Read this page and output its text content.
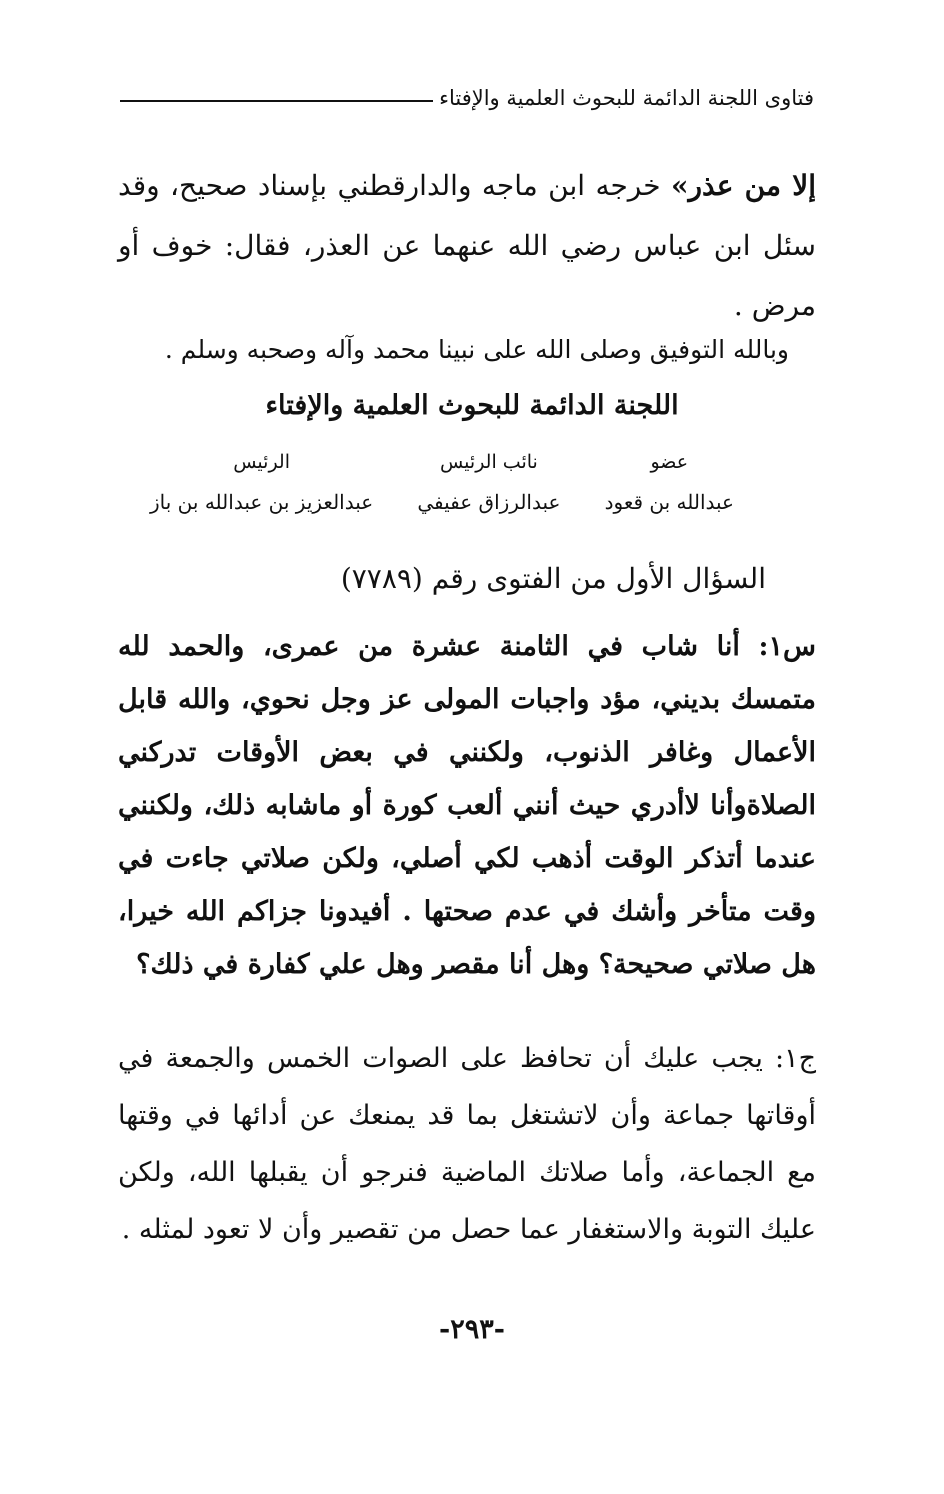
فتاوى اللجنة الدائمة للبحوث العلمية والإفتاء

إلا من عذر» خرجه ابن ماجه والدارقطني بإسناد صحيح، وقد سئل ابن عباس رضي الله عنهما عن العذر، فقال: خوف أو مرض .

وبالله التوفيق وصلى الله على نبينا محمد وآله وصحبه وسلم .

اللجنة الدائمة للبحوث العلمية والإفتاء
عضو
عبدالله بن قعود
نائب الرئيس
عبدالرزاق عفيفي
الرئيس
عبدالعزيز بن عبدالله بن باز
السؤال الأول من الفتوى رقم (٧٧٨٩)

س١: أنا شاب في الثامنة عشرة من عمرى، والحمد لله متمسك بديني، مؤد واجبات المولى عز وجل نحوي، والله قابل الأعمال وغافر الذنوب، ولكنني في بعض الأوقات تدركني الصلاةوأنا لاأدري حيث أنني ألعب كورة أو ماشابه ذلك، ولكنني عندما أتذكر الوقت أذهب لكي أصلي، ولكن صلاتي جاءت في وقت متأخر وأشك في عدم صحتها . أفيدونا جزاكم الله خيرا، هل صلاتي صحيحة؟ وهل أنا مقصر وهل علي كفارة في ذلك؟

ج١: يجب عليك أن تحافظ على الصوات الخمس والجمعة في أوقاتها جماعة وأن لاتشتغل بما قد يمنعك عن أدائها في وقتها مع الجماعة، وأما صلاتك الماضية فنرجو أن يقبلها الله، ولكن عليك التوبة والاستغفار عما حصل من تقصير وأن لا تعود لمثله .

-٢٩٣-
